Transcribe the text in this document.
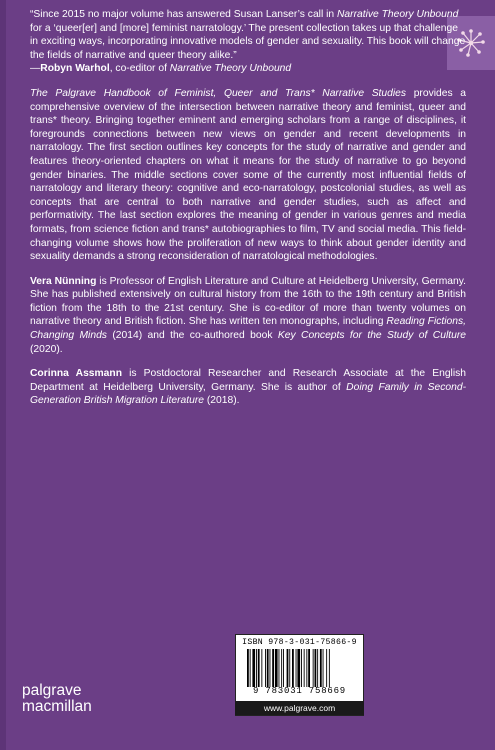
“Since 2015 no major volume has answered Susan Lanser’s call in Narrative Theory Unbound for a ‘queer[er] and [more] feminist narratology.’ The present collection takes up that challenge in exciting ways, incorporating innovative models of gender and sexuality. This book will change the fields of narrative and queer theory alike.”
—Robyn Warhol, co-editor of Narrative Theory Unbound

The Palgrave Handbook of Feminist, Queer and Trans* Narrative Studies provides a comprehensive overview of the intersection between narrative theory and feminist, queer and trans* theory. Bringing together eminent and emerging scholars from a range of disciplines, it foregrounds connections between new views on gender and recent developments in narratology. The first section outlines key concepts for the study of narrative and gender and features theory-oriented chapters on what it means for the study of narrative to go beyond gender binaries. The middle sections cover some of the currently most influential fields of narratology and literary theory: cognitive and eco-narratology, postcolonial studies, as well as concepts that are central to both narrative and gender studies, such as affect and performativity. The last section explores the meaning of gender in various genres and media formats, from science fiction and trans* autobiographies to film, TV and social media. This field-changing volume shows how the proliferation of new ways to think about gender identity and sexuality demands a strong reconsideration of narratological methodologies.

Vera Nünning is Professor of English Literature and Culture at Heidelberg University, Germany. She has published extensively on cultural history from the 16th to the 19th century and British fiction from the 18th to the 21st century. She is co-editor of more than twenty volumes on narrative theory and British fiction. She has written ten monographs, including Reading Fictions, Changing Minds (2014) and the co-authored book Key Concepts for the Study of Culture (2020).

Corinna Assmann is Postdoctoral Researcher and Research Associate at the English Department at Heidelberg University, Germany. She is author of Doing Family in Second-Generation British Migration Literature (2018).

ISBN 978-3-031-75866-9
9 783031 758669
www.palgrave.com
palgrave
macmillan
